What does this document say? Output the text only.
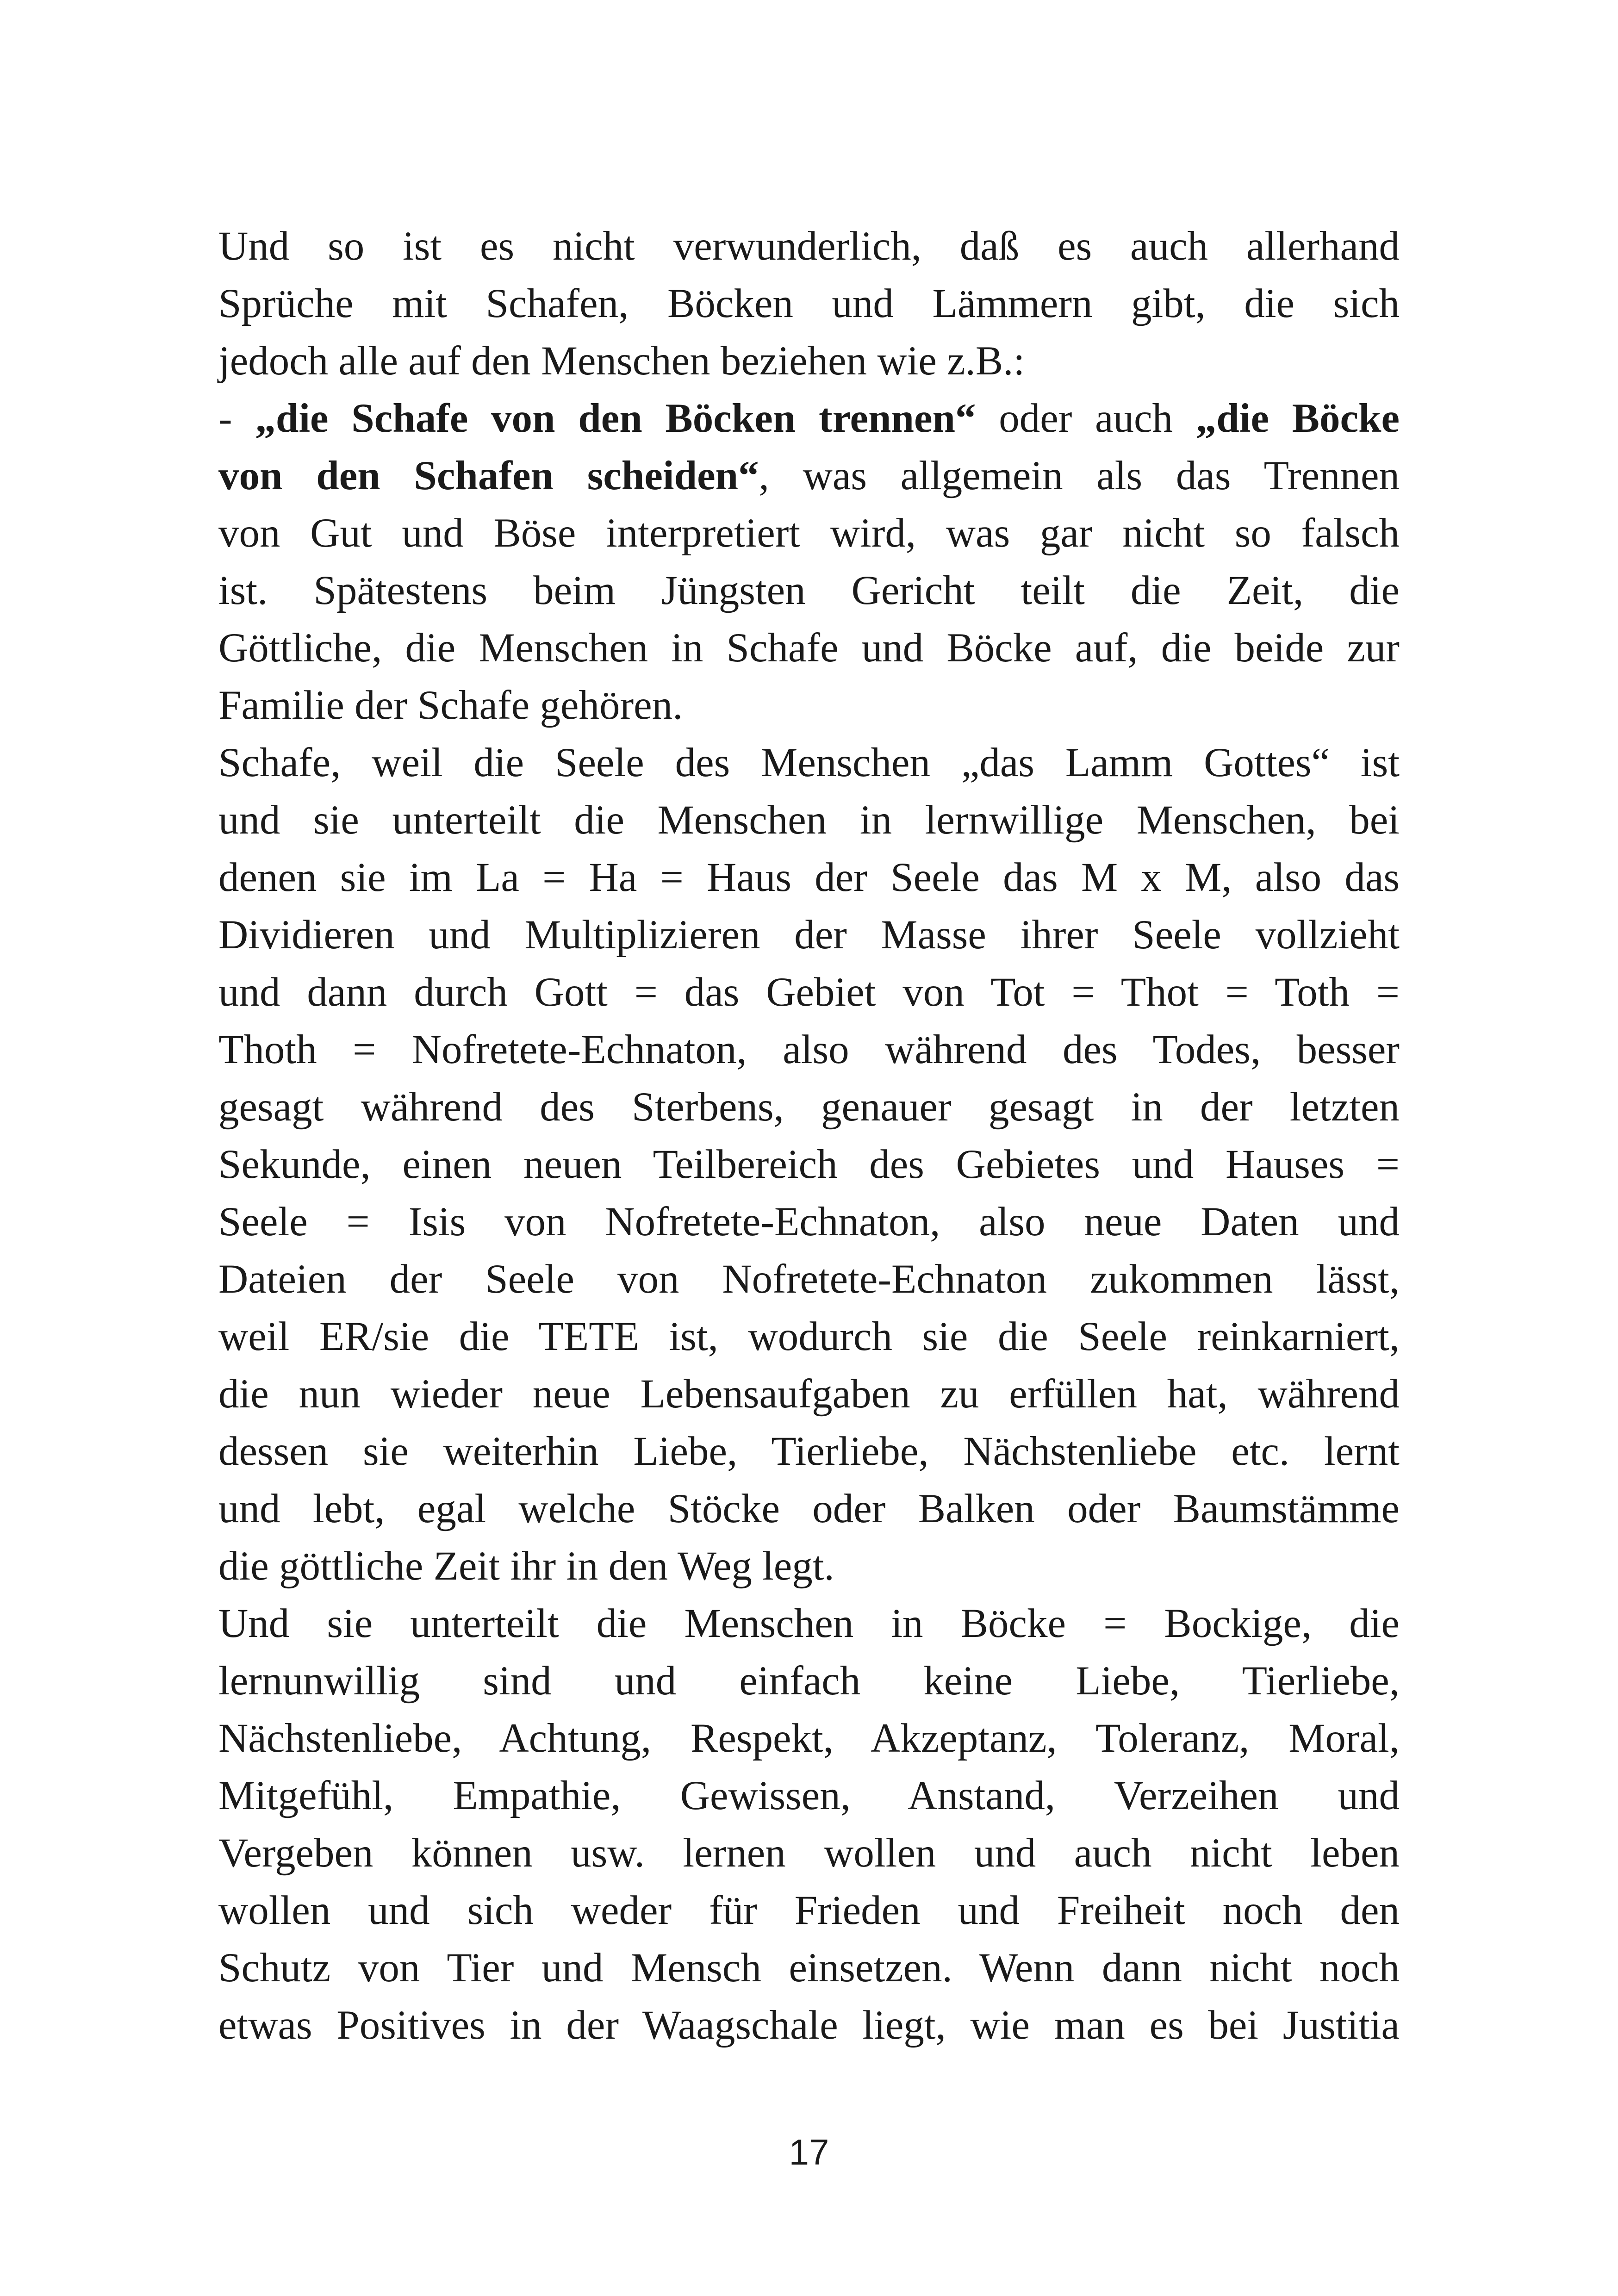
Und so ist es nicht verwunderlich, daß es auch allerhand
Sprüche mit Schafen, Böcken und Lämmern gibt, die sich
jedoch alle auf den Menschen beziehen wie z.B.:
- „die Schafe von den Böcken trennen“ oder auch „die Böcke
von den Schafen scheiden“, was allgemein als das Trennen
von Gut und Böse interpretiert wird, was gar nicht so falsch
ist. Spätestens beim Jüngsten Gericht teilt die Zeit, die
Göttliche, die Menschen in Schafe und Böcke auf, die beide zur
Familie der Schafe gehören.
Schafe, weil die Seele des Menschen „das Lamm Gottes“ ist
und sie unterteilt die Menschen in lernwillige Menschen, bei
denen sie im La = Ha = Haus der Seele das M x M, also das
Dividieren und Multiplizieren der Masse ihrer Seele vollzieht
und dann durch Gott = das Gebiet von Tot = Thot = Toth =
Thoth = Nofretete-Echnaton, also während des Todes, besser
gesagt während des Sterbens, genauer gesagt in der letzten
Sekunde, einen neuen Teilbereich des Gebietes und Hauses =
Seele = Isis von Nofretete-Echnaton, also neue Daten und
Dateien der Seele von Nofretete-Echnaton zukommen lässt,
weil ER/sie die TETE ist, wodurch sie die Seele reinkarniert,
die nun wieder neue Lebensaufgaben zu erfüllen hat, während
dessen sie weiterhin Liebe, Tierliebe, Nächstenliebe etc. lernt
und lebt, egal welche Stöcke oder Balken oder Baumstämme
die göttliche Zeit ihr in den Weg legt.
Und sie unterteilt die Menschen in Böcke = Bockige, die
lernunwillig sind und einfach keine Liebe, Tierliebe,
Nächstenliebe, Achtung, Respekt, Akzeptanz, Toleranz, Moral,
Mitgefühl, Empathie, Gewissen, Anstand, Verzeihen und
Vergeben können usw. lernen wollen und auch nicht leben
wollen und sich weder für Frieden und Freiheit noch den
Schutz von Tier und Mensch einsetzen. Wenn dann nicht noch
etwas Positives in der Waagschale liegt, wie man es bei Justitia
17
